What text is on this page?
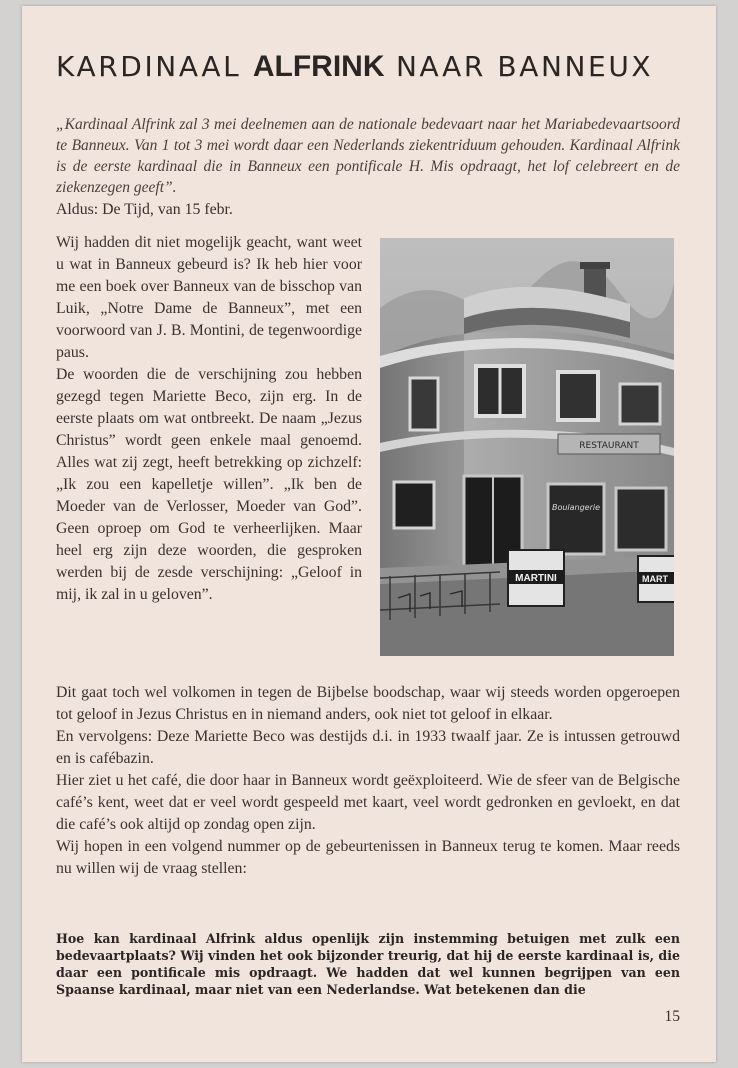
KARDINAAL ALFRINK NAAR BANNEUX
„Kardinaal Alfrink zal 3 mei deelnemen aan de nationale bedevaart naar het Mariabedevaartsoord te Banneux. Van 1 tot 3 mei wordt daar een Nederlands ziekentriduum gehouden. Kardinaal Alfrink is de eerste kardinaal die in Banneux een pontificale H. Mis opdraagt, het lof celebreert en de ziekenzegen geeft”.
Aldus: De Tijd, van 15 febr.

Wij hadden dit niet mogelijk geacht, want weet u wat in Banneux gebeurd is? Ik heb hier voor me een boek over Banneux van de bisschop van Luik, „Notre Dame de Banneux”, met een voorwoord van J. B. Montini, de tegenwoordige paus.

De woorden die de verschijning zou hebben gezegd tegen Mariette Beco, zijn erg. In de eerste plaats om wat ontbreekt. De naam „Jezus Christus” wordt geen enkele maal genoemd. Alles wat zij zegt, heeft betrekking op zichzelf: „Ik zou een kapelletje willen”. „Ik ben de Moeder van de Verlosser, Moeder van God”. Geen oproep om God te verheerlijken. Maar heel erg zijn deze woorden, die gesproken werden bij de zesde verschijning: „Geloof in mij, ik zal in u geloven”.

RESTAURANT
Boulangerie
MARTINI	MART

Dit gaat toch wel volkomen in tegen de Bijbelse boodschap, waar wij steeds worden opgeroepen tot geloof in Jezus Christus en in niemand anders, ook niet tot geloof in elkaar.

En vervolgens: Deze Mariette Beco was destijds d.i. in 1933 twaalf jaar. Ze is intussen getrouwd en is cafébazin.

Hier ziet u het café, die door haar in Banneux wordt geëxploiteerd. Wie de sfeer van de Belgische café’s kent, weet dat er veel wordt gespeeld met kaart, veel wordt gedronken en gevloekt, en dat die café’s ook altijd op zondag open zijn.

Wij hopen in een volgend nummer op de gebeurtenissen in Banneux terug te komen. Maar reeds nu willen wij de vraag stellen:

Hoe kan kardinaal Alfrink aldus openlijk zijn instemming betuigen met zulk een bedevaartplaats? Wij vinden het ook bijzonder treurig, dat hij de eerste kardinaal is, die daar een pontificale mis opdraagt. We hadden dat wel kunnen begrijpen van een Spaanse kardinaal, maar niet van een Nederlandse. Wat betekenen dan die
15
